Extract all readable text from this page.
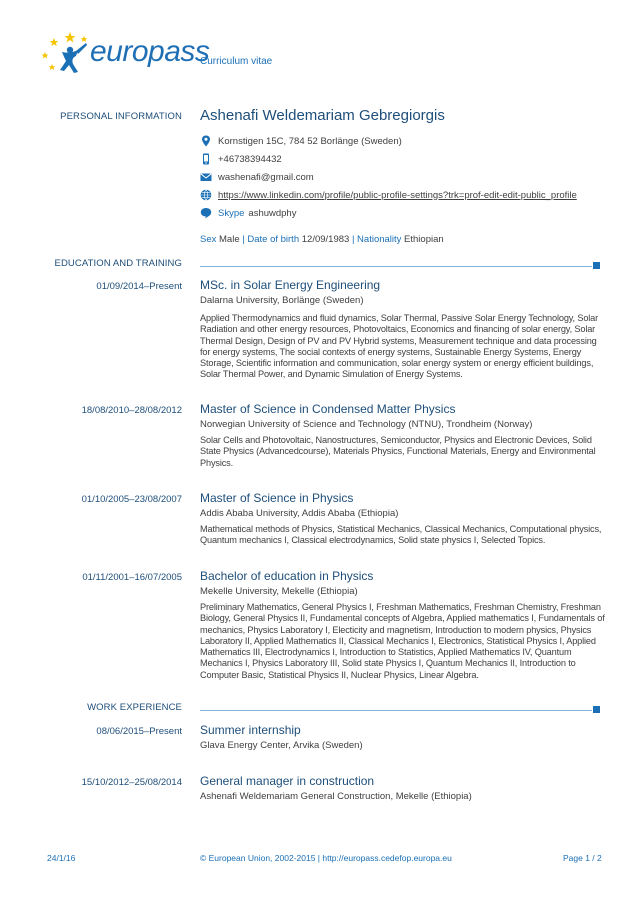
europass
Curriculum vitae
PERSONAL INFORMATION Ashenafi Weldemariam Gebregiorgis
Kornstigen 15C, 784 52 Borlänge (Sweden)
+46738394432
washenafi@gmail.com
https://www.linkedin.com/profile/public-profile-settings?trk=prof-edit-edit-public_profile
Skype ashuwdphy
Sex Male | Date of birth 12/09/1983 | Nationality Ethiopian
EDUCATION AND TRAINING
01/09/2014–Present MSc. in Solar Energy Engineering
Dalarna University, Borlänge (Sweden)
Applied Thermodynamics and fluid dynamics, Solar Thermal, Passive Solar Energy Technology, Solar Radiation and other energy resources, Photovoltaics, Economics and financing of solar energy, Solar Thermal Design, Design of PV and PV Hybrid systems, Measurement technique and data processing for energy systems, The social contexts of energy systems, Sustainable Energy Systems, Energy Storage, Scientific information and communication, solar energy system or energy efficient buildings, Solar Thermal Power, and Dynamic Simulation of Energy Systems.
18/08/2010–28/08/2012 Master of Science in Condensed Matter Physics
Norwegian University of Science and Technology (NTNU), Trondheim (Norway)
Solar Cells and Photovoltaic, Nanostructures, Semiconductor, Physics and Electronic Devices, Solid State Physics (Advancedcourse), Materials Physics, Functional Materials, Energy and Environmental Physics.
01/10/2005–23/08/2007 Master of Science in Physics
Addis Ababa University, Addis Ababa (Ethiopia)
Mathematical methods of Physics, Statistical Mechanics, Classical Mechanics, Computational physics, Quantum mechanics I, Classical electrodynamics, Solid state physics I, Selected Topics.
01/11/2001–16/07/2005 Bachelor of education in Physics
Mekelle University, Mekelle (Ethiopia)
Preliminary Mathematics, General Physics I, Freshman Mathematics, Freshman Chemistry, Freshman Biology, General Physics II, Fundamental concepts of Algebra, Applied mathematics I, Fundamentals of mechanics, Physics Laboratory I, Electicity and magnetism, Introduction to modern physics, Physics Laboratory II, Applied Mathematics II, Classical Mechanics I, Electronics, Statistical Physics I, Applied Mathematics III, Electrodynamics I, Introduction to Statistics, Applied Mathematics IV, Quantum Mechanics I, Physics Laboratory III, Solid state Physics I, Quantum Mechanics II, Introduction to Computer Basic, Statistical Physics II, Nuclear Physics, Linear Algebra.
WORK EXPERIENCE
08/06/2015–Present Summer internship
Glava Energy Center, Arvika (Sweden)
15/10/2012–25/08/2014 General manager in construction
Ashenafi Weldemariam General Construction, Mekelle (Ethiopia)
24/1/16	© European Union, 2002-2015 | http://europass.cedefop.europa.eu	Page 1 / 2
